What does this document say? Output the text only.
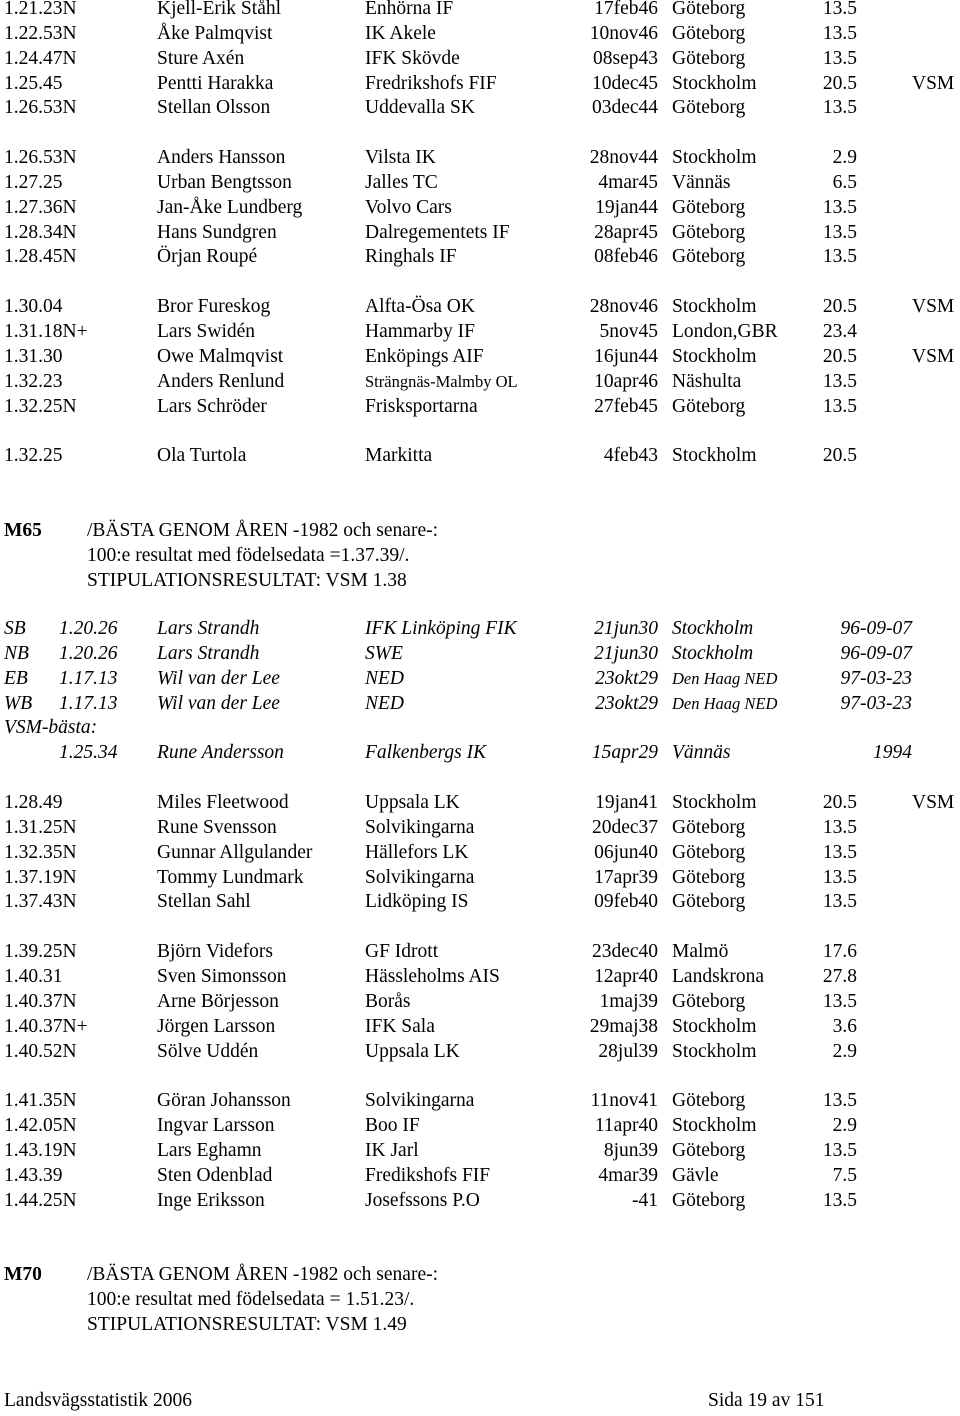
1.21.23N	Kjell-Erik Ståhl	Enhörna IF	17feb46 Göteborg	13.5
1.22.53N	Åke Palmqvist	IK Akele	10nov46 Göteborg	13.5
1.24.47N	Sture Axén	IFK Skövde	08sep43 Göteborg	13.5
1.25.45	Pentti Harakka	Fredrikshofs FIF	10dec45 Stockholm	20.5	VSM
1.26.53N	Stellan Olsson	Uddevalla SK	03dec44 Göteborg	13.5
1.26.53N	Anders Hansson	Vilsta IK	28nov44 Stockholm	2.9
1.27.25	Urban Bengtsson	Jalles TC	4mar45 Vännäs	6.5
1.27.36N	Jan-Åke Lundberg	Volvo Cars	19jan44 Göteborg	13.5
1.28.34N	Hans Sundgren	Dalregementets IF	28apr45 Göteborg	13.5
1.28.45N	Örjan Roupé	Ringhals IF	08feb46 Göteborg	13.5
1.30.04	Bror Fureskog	Alfta-Ösa OK	28nov46 Stockholm	20.5	VSM
1.31.18N+	Lars Swidén	Hammarby IF	5nov45 London,GBR 23.4
1.31.30	Owe Malmqvist	Enköpings AIF	16jun44 Stockholm	20.5	VSM
1.32.23	Anders Renlund	Strängnäs-Malmby OL	10apr46 Näshulta	13.5
1.32.25N	Lars Schröder	Frisksportarna	27feb45 Göteborg	13.5
1.32.25	Ola Turtola	Markitta	4feb43 Stockholm	20.5
M65 /BÄSTA GENOM ÅREN -1982 och senare-:
100:e resultat med födelsedata =1.37.39/.
STIPULATIONSRESULTAT: VSM 1.38
SB	1.20.26 Lars Strandh	IFK Linköping FIK	21jun30 Stockholm	96-09-07
NB	1.20.26 Lars Strandh	SWE	21jun30 Stockholm	96-09-07
EB	1.17.13 Wil van der Lee	NED	23okt29 Den Haag NED	97-03-23
WB	1.17.13 Wil van der Lee	NED	23okt29 Den Haag NED	97-03-23
VSM-bästa:
1.25.34 Rune Andersson	Falkenbergs IK	15apr29 Vännäs	1994
1.28.49	Miles Fleetwood	Uppsala LK	19jan41 Stockholm	20.5	VSM
1.31.25N	Rune Svensson	Solvikingarna	20dec37 Göteborg	13.5
1.32.35N	Gunnar Allgulander	Hällefors LK	06jun40 Göteborg	13.5
1.37.19N	Tommy Lundmark	Solvikingarna	17apr39 Göteborg	13.5
1.37.43N	Stellan Sahl	Lidköping IS	09feb40 Göteborg	13.5
1.39.25N	Björn Videfors	GF Idrott	23dec40 Malmö	17.6
1.40.31	Sven Simonsson	Hässleholms AIS	12apr40 Landskrona	27.8
1.40.37N	Arne Börjesson	Borås	1maj39 Göteborg	13.5
1.40.37N+	Jörgen Larsson	IFK Sala	29maj38 Stockholm	3.6
1.40.52N	Sölve Uddén	Uppsala LK	28jul39 Stockholm	2.9
1.41.35N	Göran Johansson	Solvikingarna	11nov41 Göteborg	13.5
1.42.05N	Ingvar Larsson	Boo IF	11apr40 Stockholm	2.9
1.43.19N	Lars Eghamn	IK Jarl	8jun39 Göteborg	13.5
1.43.39	Sten Odenblad	Fredikshofs FIF	4mar39 Gävle	7.5
1.44.25N	Inge Eriksson	Josefssons P.O	-41 Göteborg	13.5
M70 /BÄSTA GENOM ÅREN -1982 och senare-:
100:e resultat med födelsedata = 1.51.23/.
STIPULATIONSRESULTAT: VSM 1.49
Landsvägsstatistik 2006	Sida 19 av 151
